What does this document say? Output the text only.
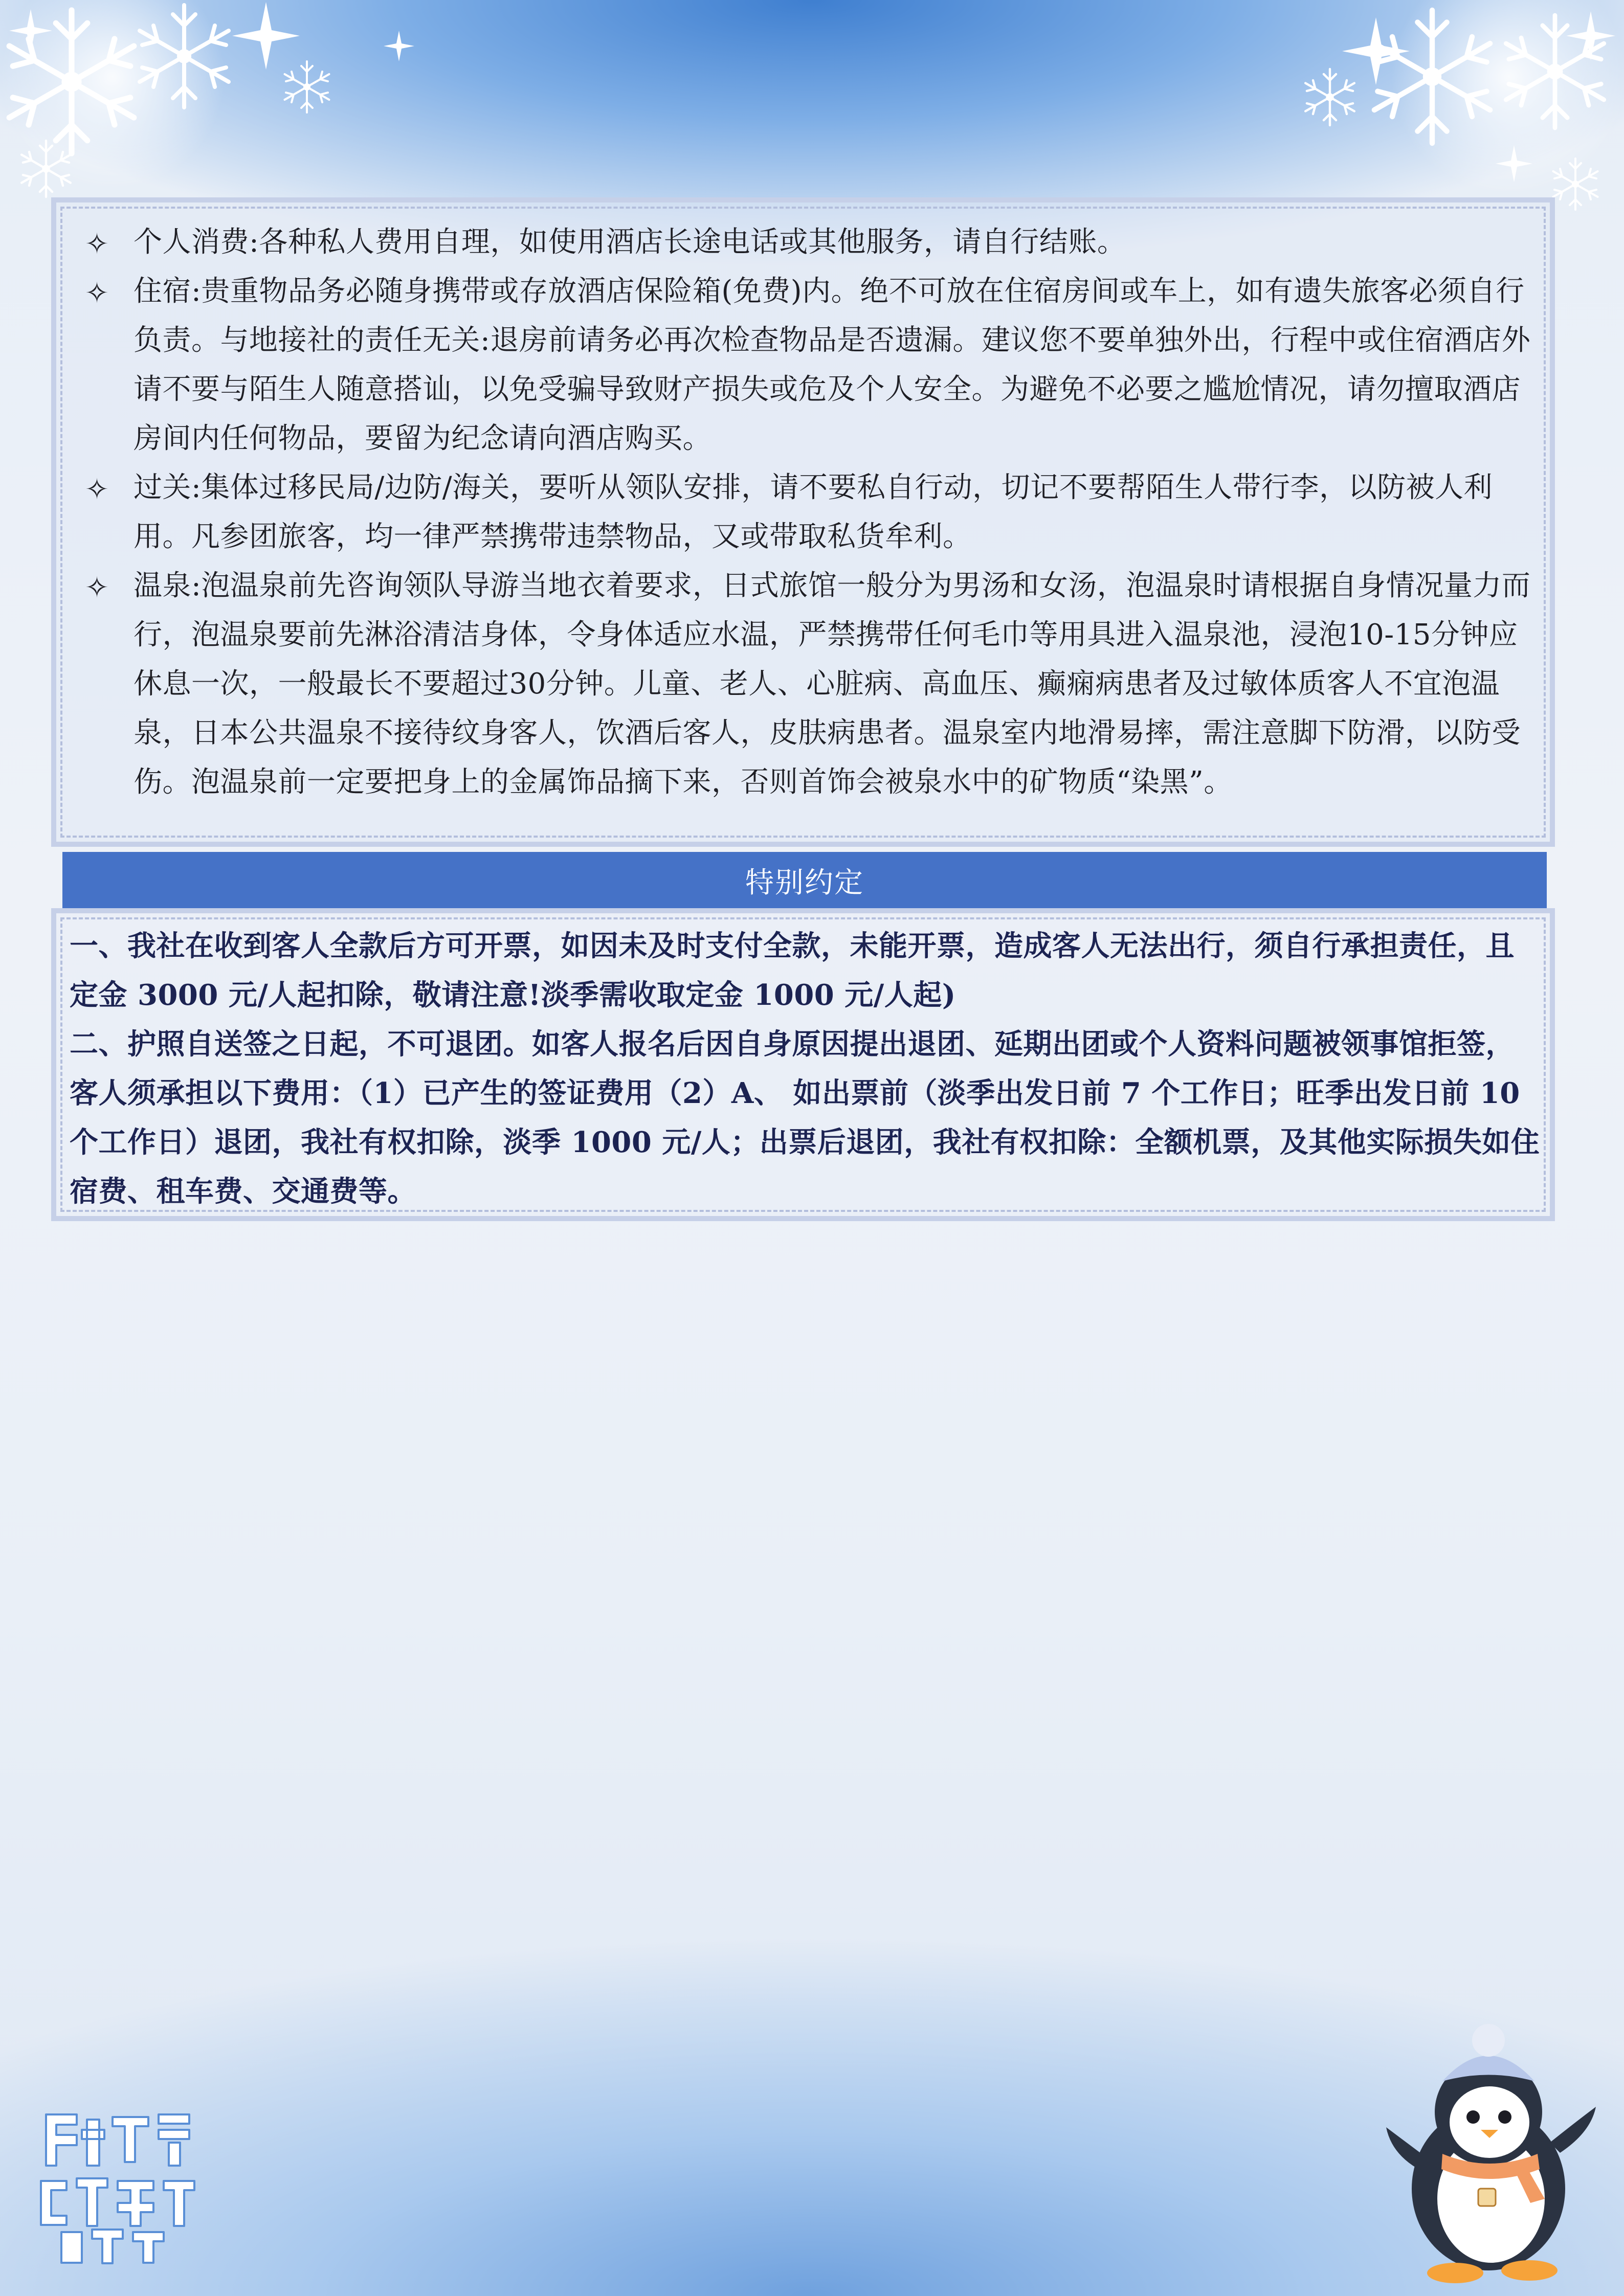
✧ 个人消费:各种私人费用自理，如使用酒店长途电话或其他服务，请自行结账。

✧ 住宿:贵重物品务必随身携带或存放酒店保险箱(免费)内。绝不可放在住宿房间或车上，如有遗失旅客必须自行负责。与地接社的责任无关:退房前请务必再次检查物品是否遗漏。建议您不要单独外出，行程中或住宿酒店外请不要与陌生人随意搭讪，以免受骗导致财产损失或危及个人安全。为避免不必要之尴尬情况，请勿擅取酒店房间内任何物品，要留为纪念请向酒店购买。

✧ 过关:集体过移民局/边防/海关，要听从领队安排，请不要私自行动，切记不要帮陌生人带行李，以防被人利用。凡参团旅客，均一律严禁携带违禁物品，又或带取私货牟利。

✧ 温泉:泡温泉前先咨询领队导游当地衣着要求，日式旅馆一般分为男汤和女汤，泡温泉时请根据自身情况量力而行，泡温泉要前先淋浴清洁身体，令身体适应水温，严禁携带任何毛巾等用具进入温泉池，浸泡10-15分钟应休息一次，一般最长不要超过30分钟。儿童、老人、心脏病、高血压、癫痫病患者及过敏体质客人不宜泡温泉，日本公共温泉不接待纹身客人，饮酒后客人，皮肤病患者。温泉室内地滑易摔，需注意脚下防滑，以防受伤。泡温泉前一定要把身上的金属饰品摘下来，否则首饰会被泉水中的矿物质“染黑”。

特别约定

一、我社在收到客人全款后方可开票，如因未及时支付全款，未能开票，造成客人无法出行，须自行承担责任，且定金 3000 元/人起扣除，敬请注意!淡季需收取定金 1000 元/人起)

二、护照自送签之日起，不可退团。如客人报名后因自身原因提出退团、延期出团或个人资料问题被领事馆拒签，客人须承担以下费用：（1）已产生的签证费用（2）A、 如出票前（淡季出发日前 7 个工作日；旺季出发日前 10 个工作日）退团，我社有权扣除，淡季 1000 元/人；出票后退团，我社有权扣除：全额机票，及其他实际损失如住宿费、租车费、交通费等。
